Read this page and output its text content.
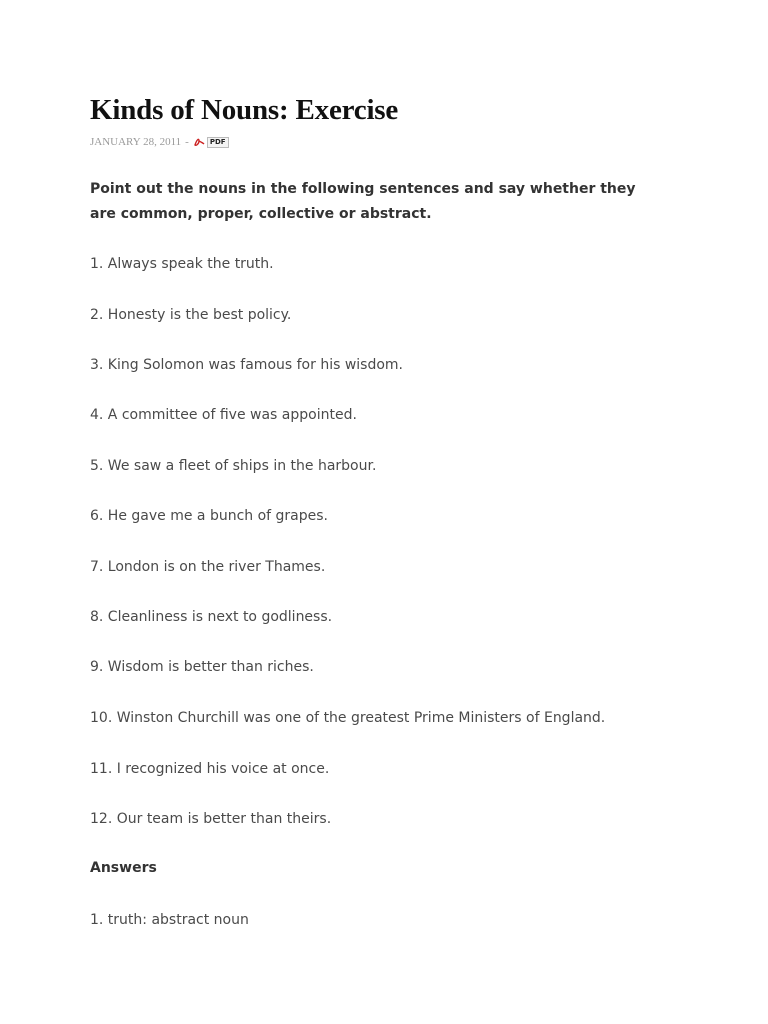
Kinds of Nouns: Exercise
JANUARY 28, 2011 -	PDF

Point out the nouns in the following sentences and say whether they are common, proper, collective or abstract.

1. Always speak the truth.

2. Honesty is the best policy.

3. King Solomon was famous for his wisdom.

4. A committee of five was appointed.

5. We saw a fleet of ships in the harbour.

6. He gave me a bunch of grapes.

7. London is on the river Thames.

8. Cleanliness is next to godliness.

9. Wisdom is better than riches.

10. Winston Churchill was one of the greatest Prime Ministers of England.

11. I recognized his voice at once.

12. Our team is better than theirs.

Answers

1. truth: abstract noun
